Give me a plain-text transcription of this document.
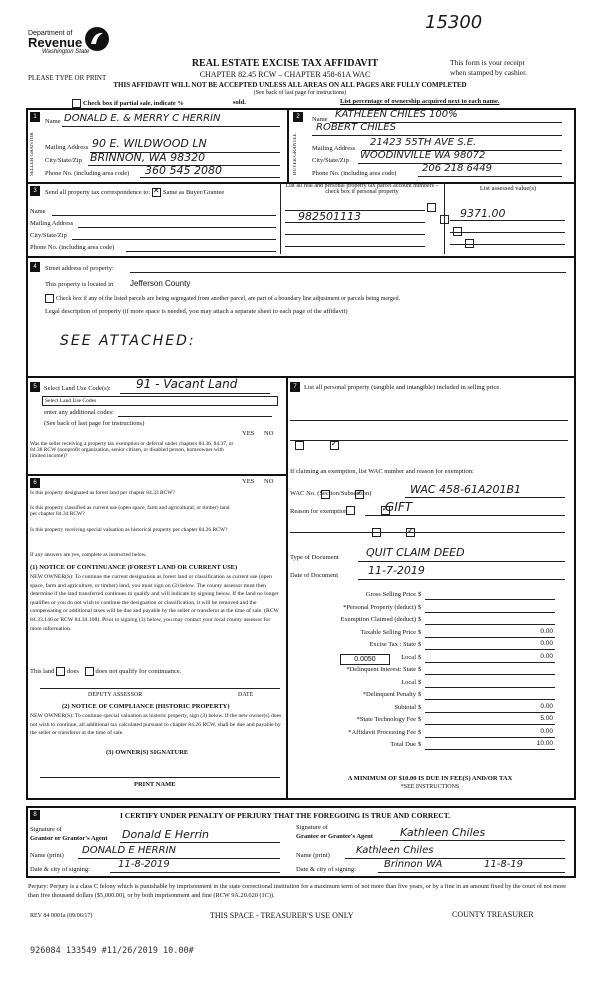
15300
Department of
Revenue
Washington State
PLEASE TYPE OR PRINT
REAL ESTATE EXCISE TAX AFFIDAVIT
CHAPTER 82.45 RCW – CHAPTER 458-61A WAC
THIS AFFIDAVIT WILL NOT BE ACCEPTED UNLESS ALL AREAS ON ALL PAGES ARE FULLY COMPLETED
(See back of last page for instructions)
This form is your receipt
when stamped by cashier.
Check box if partial sale, indicate %	sold.	List percentage of ownership acquired next to each name.
1
SELLER GRANTOR
Name DONALD E. & MERRY C HERRIN
Mailing Address 90 E. WILDWOOD LN
City/State/Zip BRINNON, WA 98320
Phone No. (including area code) 360 545 2080
2
BUYER GRANTEE
Name KATHLEEN CHILES 100%
ROBERT CHILES
Mailing Address
21423 55TH AVE S.E.
City/State/Zip WOODINVILLE WA 98072
Phone No. (including area code)	206 218 6449
3	Send all property tax correspondence to: ✕ Same as Buyer/Grantee
Name
Mailing Address
City/State/Zip
Phone No. (including area code)
List all real and personal property tax parcel account numbers – check box if personal property	List assessed value(s)
982501113
	9371.00
4	Street address of property:
This property is located in Jefferson County
Check box if any of the listed parcels are being segregated from another parcel, are part of a boundary line adjustment or parcels being merged.
Legal description of property (if more space is needed, you may attach a separate sheet to each page of the affidavit)
SEE ATTACHED:
5	Select Land Use Code(s): 91 - Vacant Land
Select Land Use Codes
enter any additional codes:
(See back of last page for instructions)
YES NO
Was the seller receiving a property tax exemption or deferral under chapters 84.36, 84.37, or 84.38 RCW (nonprofit organization, senior citizen, or disabled person, homeowner with limited income)?
✓
6	YES NO
Is this property designated as forest land per chapter 84.33 RCW?
✓
Is this property classified as current use (open space, farm and agricultural, or timber) land per chapter 84.34 RCW?
✓
Is this property receiving special valuation as historical property per chapter 84.26 RCW?
✓
If any answers are yes, complete as instructed below.
(1) NOTICE OF CONTINUANCE (FOREST LAND OR CURRENT USE)
NEW OWNER(S): To continue the current designation as forest land or classification as current use (open space, farm and agriculture, or timber) land, you must sign on (3) below. The county assessor must then determine if the land transferred continues to qualify and will indicate by signing below. If the land no longer qualifies or you do not wish to continue the designation or classification, it will be removed and the compensating or additional taxes will be due and payable by the seller or transferor at the time of sale. (RCW 84.33.140 or RCW 84.34.108). Prior to signing (3) below, you may contact your local county assessor for more information.
This land does	does not qualify for continuance.
DEPUTY ASSESSOR	DATE
(2) NOTICE OF COMPLIANCE (HISTORIC PROPERTY)
NEW OWNER(S): To continue special valuation as historic property, sign (3) below. If the new owner(s) does not wish to continue, all additional tax calculated pursuant to chapter 84.26 RCW, shall be due and payable by the seller or transferor at the time of sale.
(3) OWNER(S) SIGNATURE
PRINT NAME
7	List all personal property (tangible and intangible) included in selling price.
If claiming an exemption, list WAC number and reason for exemption:
WAC No. (Section/Subsection)	WAC 458-61A201B1
Reason for exemption	GIFT
Type of Document QUIT CLAIM DEED
Date of Document	11-7-2019
Gross Selling Price $
*Personal Property (deduct) $
Exemption Claimed (deduct) $
Taxable Selling Price $	0.00
Excise Tax : State $	0.00
Local $	0.00
*Delinquent Interest: State $
Local $
*Delinquent Penalty $
Subtotal $	0.00
*State Technology Fee $	5.00
*Affidavit Processing Fee $	0.00
Total Due $	10.00
0.0050
A MINIMUM OF $10.00 IS DUE IN FEE(S) AND/OR TAX
*SEE INSTRUCTIONS
8	I CERTIFY UNDER PENALTY OF PERJURY THAT THE FOREGOING IS TRUE AND CORRECT.
Signature of
Grantor or Grantor's Agent Donald E Herrin
Name (print) DONALD E HERRIN
Date & city of signing:	11-8-2019
Signature of
Grantee or Grantee's Agent Kathleen Chiles
Name (print)	Kathleen Chiles
Date & city of signing:	Brinnon WA	11-8-19
Perjury: Perjury is a class C felony which is punishable by imprisonment in the state correctional institution for a maximum term of not more than five years, or by a fine in an amount fixed by the court of not more than five thousand dollars ($5,000.00), or by both imprisonment and fine (RCW 9A.20.020 (1C)).
REV 84 0001a (09/06/17)	THIS SPACE - TREASURER'S USE ONLY	COUNTY TREASURER
926084 133549 #11/26/2019 10.00#
